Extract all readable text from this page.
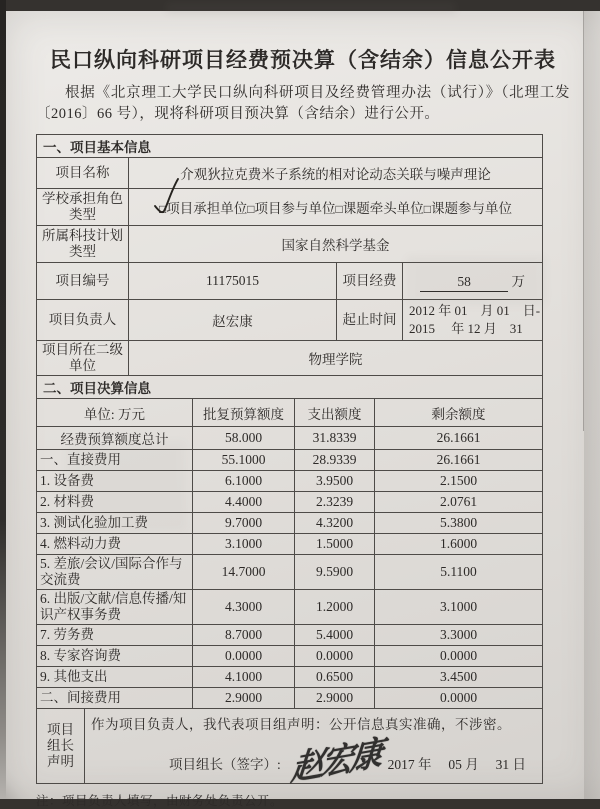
民口纵向科研项目经费预决算（含结余）信息公开表

根据《北京理工大学民口纵向科研项目及经费管理办法（试行）》（北理工发〔2016〕66 号），现将科研项目预决算（含结余）进行公开。

一、项目基本信息			
项目名称	介观狄拉克费米子系统的相对论动态关联与噪声理论		

学校承担角色
类型	□项目承担单位□项目参与单位□课题牵头单位□课题参与单位		

所属科技计划
类型	国家自然科学基金		
项目编号	11175015	项目经费	58 万
项目负责人	赵宏康	起止时间	2012 年 01　月 01　日-
2015　 年 12 月　31

项目所在二级
单位	物理学院		
二、项目决算信息			
单位: 万元	批复预算额度	支出额度	剩余额度
经费预算额度总计	58.000	31.8339	26.1661
一、直接费用	55.1000	28.9339	26.1661
1. 设备费	6.1000	3.9500	2.1500
2. 材料费	4.4000	2.3239	2.0761
3. 测试化验加工费	9.7000	4.3200	5.3800
4. 燃料动力费	3.1000	1.5000	1.6000
5. 差旅/会议/国际合作与交流费	14.7000	9.5900	5.1100
6. 出版/文献/信息传播/知识产权事务费	4.3000	1.2000	3.1000
7. 劳务费	8.7000	5.4000	3.3000
8. 专家咨询费	0.0000	0.0000	0.0000
9. 其他支出	4.1000	0.6500	3.4500
二、间接费用	2.9000	2.9000	0.0000
项目
组长
声明

作为项目负责人，我代表项目组声明：公开信息真实准确，不涉密。
项目组长（签字）: 赵宏康 2017 年　 05 月　 31 日

注：项目负责人填写，由财务处负责公开。
